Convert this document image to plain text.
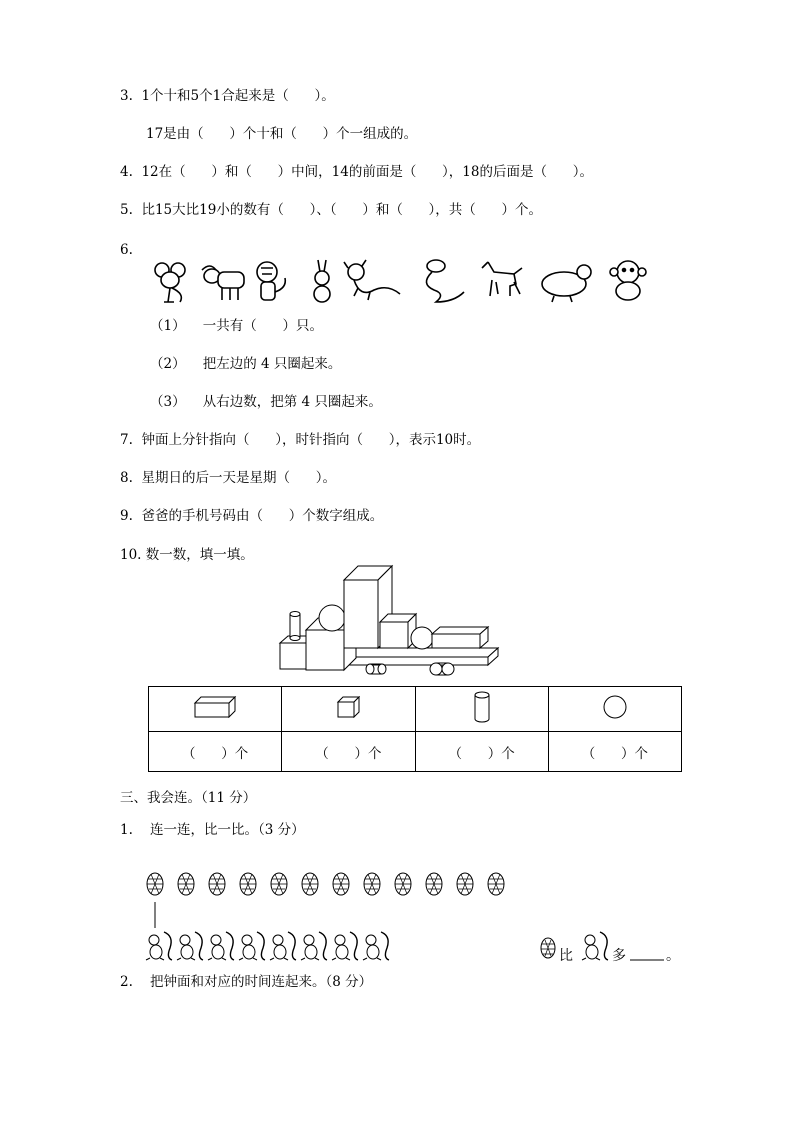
3.  1个十和5个1合起来是（      ）。
17是由（      ）个十和（      ）个一组成的。
4.  12在（      ）和（      ）中间，14的前面是（      ），18的后面是（      ）。
5.  比15大比19小的数有（      ）、（      ）和（      ），共（      ）个。
6.
（1）    一共有（      ）只。
（2）    把左边的 4 只圈起来。
（3）    从右边数，把第 4 只圈起来。
7.  钟面上分针指向（      ），时针指向（      ），表示10时。
8.  星期日的后一天是星期（      ）。
9.  爸爸的手机号码由（      ）个数字组成。
10. 数一数，填一填。

（      ）个	（      ）个	（      ）个	（      ）个
三、我会连。（11 分）
1.    连一连，比一比。（3 分）
比	多	。
2.    把钟面和对应的时间连起来。（8 分）
